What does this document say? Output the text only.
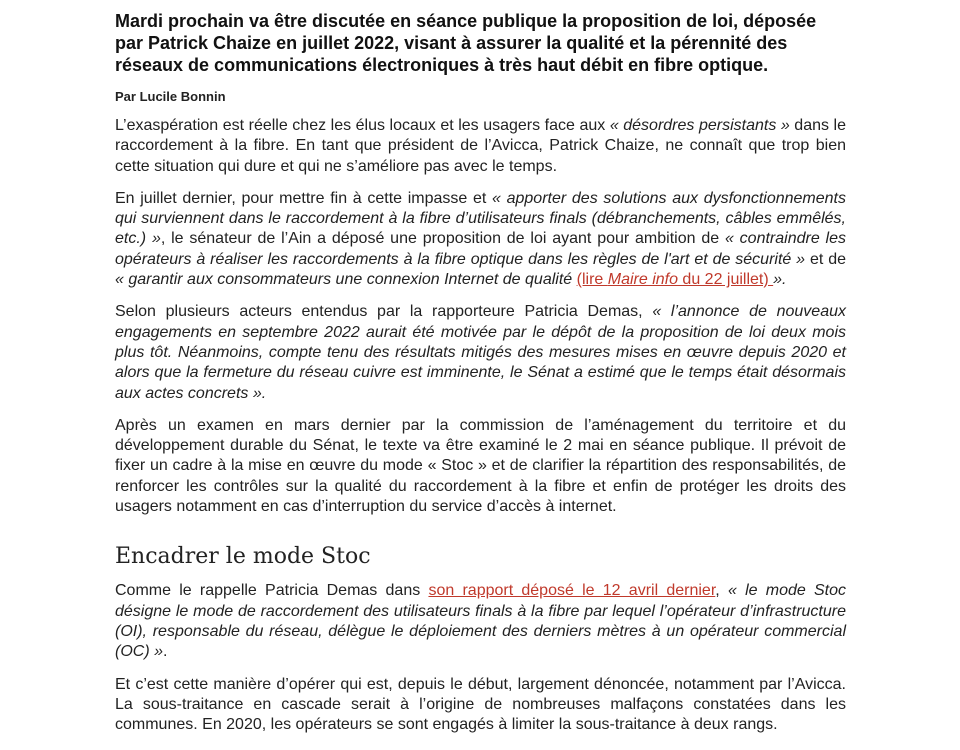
Mardi prochain va être discutée en séance publique la proposition de loi, déposée par Patrick Chaize en juillet 2022, visant à assurer la qualité et la pérennité des réseaux de communications électroniques à très haut débit en fibre optique.

Par Lucile Bonnin

L’exaspération est réelle chez les élus locaux et les usagers face aux « désordres persistants » dans le raccordement à la fibre. En tant que président de l’Avicca, Patrick Chaize, ne connaît que trop bien cette situation qui dure et qui ne s’améliore pas avec le temps.

En juillet dernier, pour mettre fin à cette impasse et « apporter des solutions aux dysfonctionnements qui surviennent dans le raccordement à la fibre d’utilisateurs finals (débranchements, câbles emmêlés, etc.) », le sénateur de l’Ain a déposé une proposition de loi ayant pour ambition de « contraindre les opérateurs à réaliser les raccordements à la fibre optique dans les règles de l'art et de sécurité » et de « garantir aux consommateurs une connexion Internet de qualité (lire Maire info du 22 juillet) ».

Selon plusieurs acteurs entendus par la rapporteure Patricia Demas, « l’annonce de nouveaux engagements en septembre 2022 aurait été motivée par le dépôt de la proposition de loi deux mois plus tôt. Néanmoins, compte tenu des résultats mitigés des mesures mises en œuvre depuis 2020 et alors que la fermeture du réseau cuivre est imminente, le Sénat a estimé que le temps était désormais aux actes concrets ».

Après un examen en mars dernier par la commission de l’aménagement du territoire et du développement durable du Sénat, le texte va être examiné le 2 mai en séance publique. Il prévoit de fixer un cadre à la mise en œuvre du mode « Stoc » et de clarifier la répartition des responsabilités, de renforcer les contrôles sur la qualité du raccordement à la fibre et enfin de protéger les droits des usagers notamment en cas d’interruption du service d’accès à internet.

Encadrer le mode Stoc

Comme le rappelle Patricia Demas dans son rapport déposé le 12 avril dernier, « le mode Stoc désigne le mode de raccordement des utilisateurs finals à la fibre par lequel l’opérateur d’infrastructure (OI), responsable du réseau, délègue le déploiement des derniers mètres à un opérateur commercial (OC) ».

Et c’est cette manière d’opérer qui est, depuis le début, largement dénoncée, notamment par l’Avicca. La sous-traitance en cascade serait à l’origine de nombreuses malfaçons constatées dans les communes. En 2020, les opérateurs se sont engagés à limiter la sous-traitance à deux rangs.
